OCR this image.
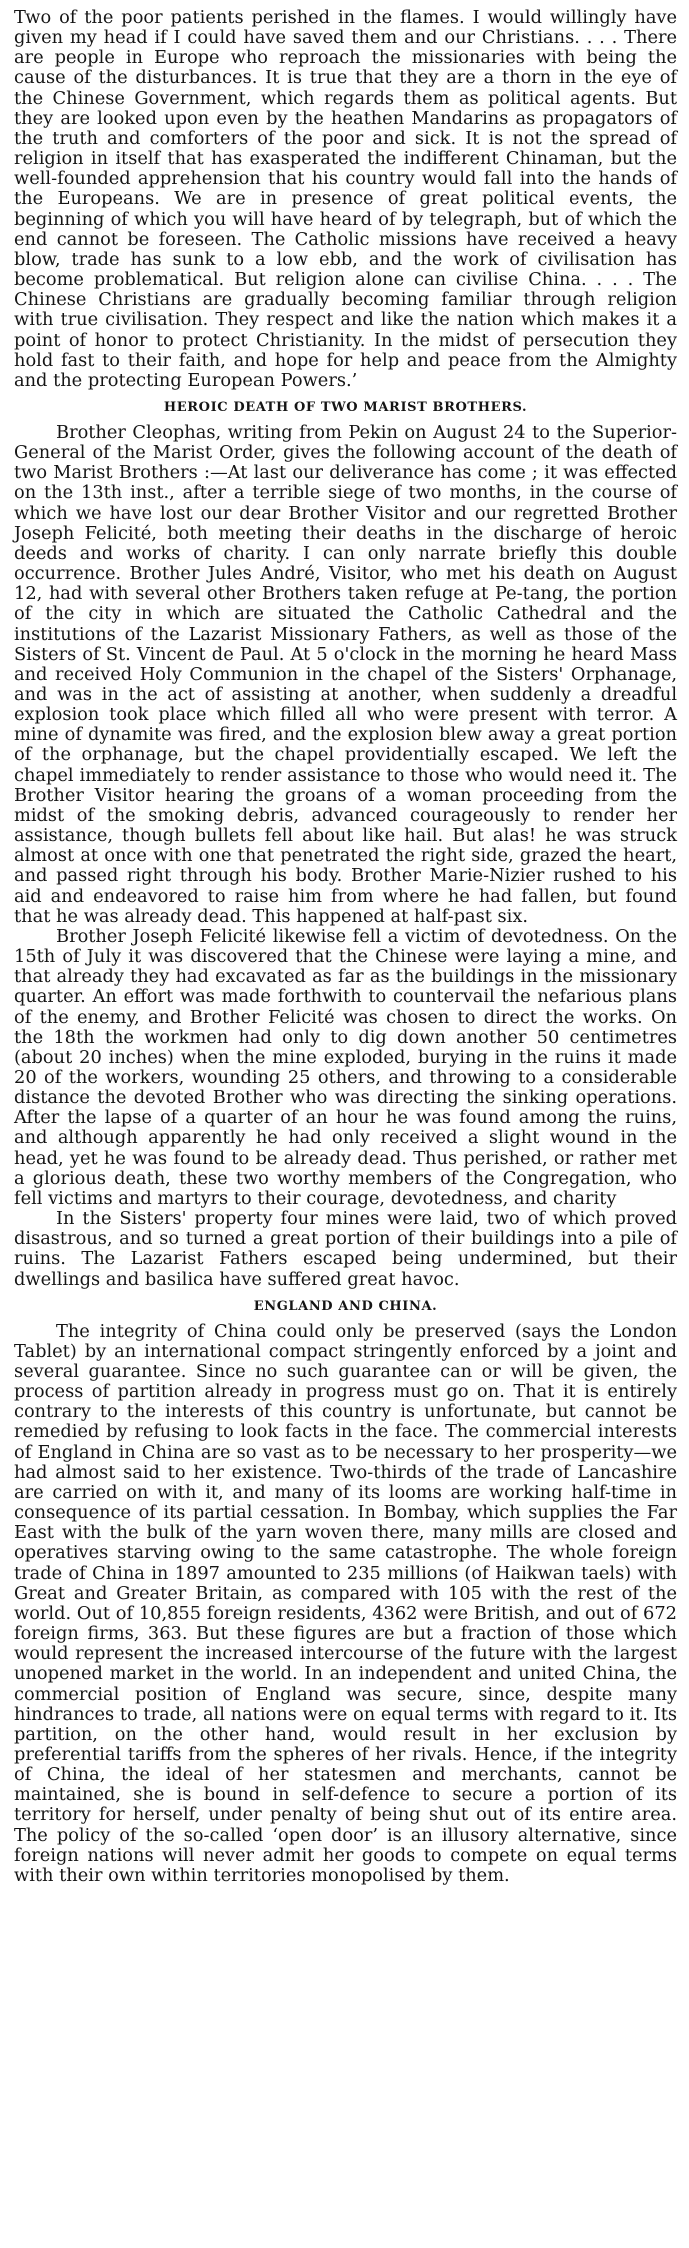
Two of the poor patients perished in the flames. I would willingly have given my head if I could have saved them and our Christians. . . . There are people in Europe who reproach the missionaries with being the cause of the disturbances. It is true that they are a thorn in the eye of the Chinese Government, which regards them as political agents. But they are looked upon even by the heathen Mandarins as propagators of the truth and comforters of the poor and sick. It is not the spread of religion in itself that has exasperated the indifferent Chinaman, but the well-founded apprehension that his country would fall into the hands of the Europeans. We are in presence of great political events, the beginning of which you will have heard of by telegraph, but of which the end cannot be foreseen. The Catholic missions have received a heavy blow, trade has sunk to a low ebb, and the work of civilisation has become problematical. But religion alone can civilise China. . . . The Chinese Christians are gradually becoming familiar through religion with true civilisation. They respect and like the nation which makes it a point of honor to protect Christianity. In the midst of persecution they hold fast to their faith, and hope for help and peace from the Almighty and the protecting European Powers.’

HEROIC DEATH OF TWO MARIST BROTHERS.

Brother Cleophas, writing from Pekin on August 24 to the Superior-General of the Marist Order, gives the following account of the death of two Marist Brothers :—At last our deliverance has come ; it was effected on the 13th inst., after a terrible siege of two months, in the course of which we have lost our dear Brother Visitor and our regretted Brother Joseph Felicité, both meeting their deaths in the discharge of heroic deeds and works of charity. I can only narrate briefly this double occurrence. Brother Jules André, Visitor, who met his death on August 12, had with several other Brothers taken refuge at Pe-tang, the portion of the city in which are situated the Catholic Cathedral and the institutions of the Lazarist Missionary Fathers, as well as those of the Sisters of St. Vincent de Paul. At 5 o'clock in the morning he heard Mass and received Holy Communion in the chapel of the Sisters' Orphanage, and was in the act of assisting at another, when suddenly a dreadful explosion took place which filled all who were present with terror. A mine of dynamite was fired, and the explosion blew away a great portion of the orphanage, but the chapel providentially escaped. We left the chapel immediately to render assistance to those who would need it. The Brother Visitor hearing the groans of a woman proceeding from the midst of the smoking debris, advanced courageously to render her assistance, though bullets fell about like hail. But alas! he was struck almost at once with one that penetrated the right side, grazed the heart, and passed right through his body. Brother Marie-Nizier rushed to his aid and endeavored to raise him from where he had fallen, but found that he was already dead. This happened at half-past six.

Brother Joseph Felicité likewise fell a victim of devotedness. On the 15th of July it was discovered that the Chinese were laying a mine, and that already they had excavated as far as the buildings in the missionary quarter. An effort was made forthwith to countervail the nefarious plans of the enemy, and Brother Felicité was chosen to direct the works. On the 18th the workmen had only to dig down another 50 centimetres (about 20 inches) when the mine exploded, burying in the ruins it made 20 of the workers, wounding 25 others, and throwing to a considerable distance the devoted Brother who was directing the sinking operations. After the lapse of a quarter of an hour he was found among the ruins, and although apparently he had only received a slight wound in the head, yet he was found to be already dead. Thus perished, or rather met a glorious death, these two worthy members of the Congregation, who fell victims and martyrs to their courage, devotedness, and charity

In the Sisters' property four mines were laid, two of which proved disastrous, and so turned a great portion of their buildings into a pile of ruins. The Lazarist Fathers escaped being undermined, but their dwellings and basilica have suffered great havoc.

ENGLAND AND CHINA.

The integrity of China could only be preserved (says the London Tablet) by an international compact stringently enforced by a joint and several guarantee. Since no such guarantee can or will be given, the process of partition already in progress must go on. That it is entirely contrary to the interests of this country is unfortunate, but cannot be remedied by refusing to look facts in the face. The commercial interests of England in China are so vast as to be necessary to her prosperity—we had almost said to her existence. Two-thirds of the trade of Lancashire are carried on with it, and many of its looms are working half-time in consequence of its partial cessation. In Bombay, which supplies the Far East with the bulk of the yarn woven there, many mills are closed and operatives starving owing to the same catastrophe. The whole foreign trade of China in 1897 amounted to 235 millions (of Haikwan taels) with Great and Greater Britain, as compared with 105 with the rest of the world. Out of 10,855 foreign residents, 4362 were British, and out of 672 foreign firms, 363. But these figures are but a fraction of those which would represent the increased intercourse of the future with the largest unopened market in the world. In an independent and united China, the commercial position of England was secure, since, despite many hindrances to trade, all nations were on equal terms with regard to it. Its partition, on the other hand, would result in her exclusion by preferential tariffs from the spheres of her rivals. Hence, if the integrity of China, the ideal of her statesmen and merchants, cannot be maintained, she is bound in self-defence to secure a portion of its territory for herself, under penalty of being shut out of its entire area. The policy of the so-called ‘open door’ is an illusory alternative, since foreign nations will never admit her goods to compete on equal terms with their own within territories monopolised by them.
